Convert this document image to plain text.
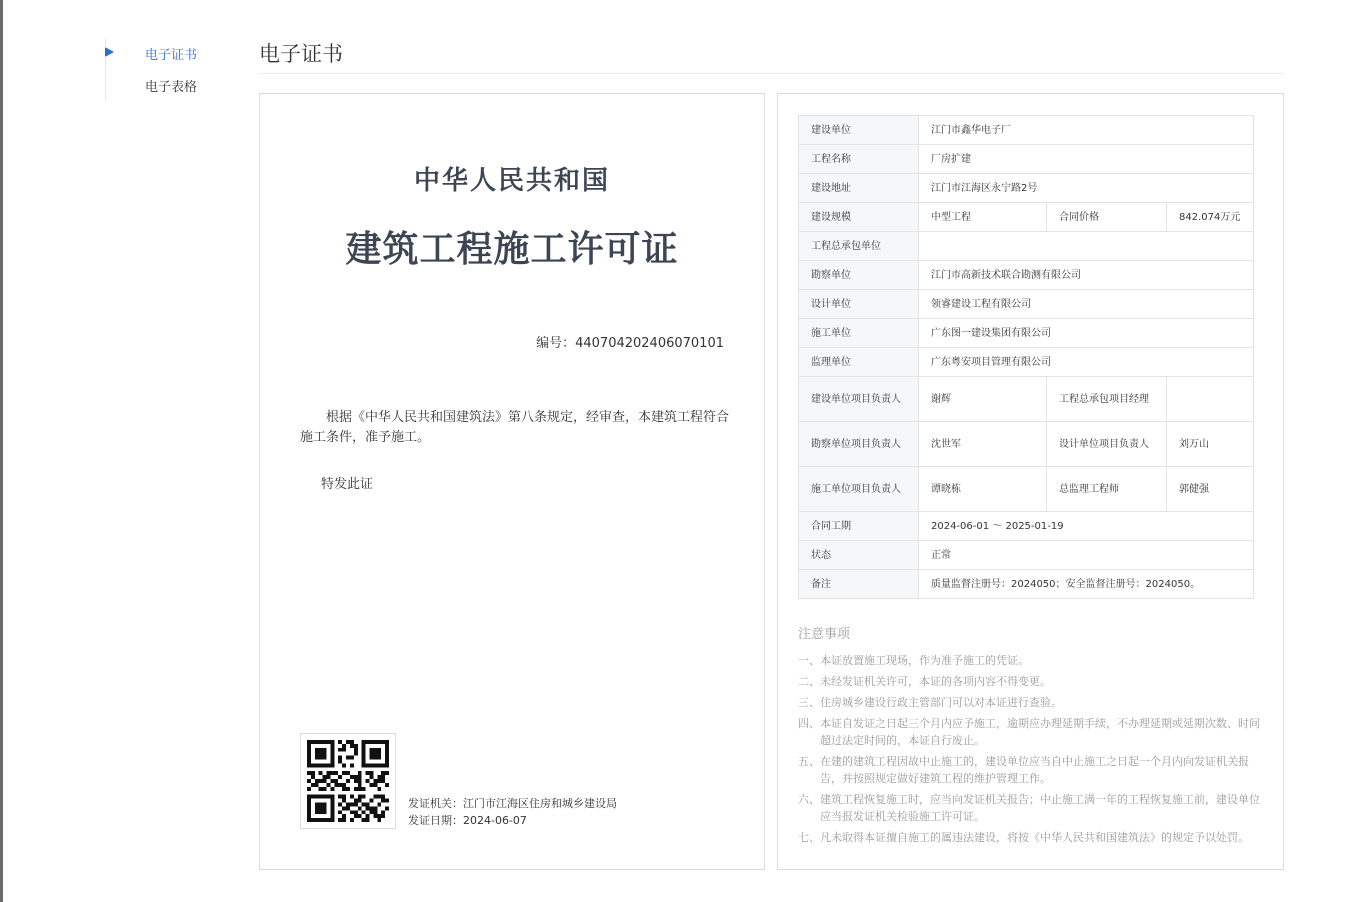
电子证书
电子表格
电子证书
中华人民共和国
建筑工程施工许可证
编号：440704202406070101
根据《中华人民共和国建筑法》第八条规定，经审查，本建筑工程符合施工条件，准予施工。
特发此证
发证机关：江门市江海区住房和城乡建设局
发证日期：2024-06-07
建设单位	江门市鑫华电子厂		
工程名称	厂房扩建		
建设地址	江门市江海区永宁路2号		
建设规模	中型工程	合同价格	842.074万元
工程总承包单位			
勘察单位	江门市高新技术联合勘测有限公司		
设计单位	领睿建设工程有限公司		
施工单位	广东图一建设集团有限公司		
监理单位	广东粤安项目管理有限公司		
建设单位项目负责人	谢辉	工程总承包项目经理	
勘察单位项目负责人	沈世军	设计单位项目负责人	刘万山
施工单位项目负责人	谭晓栋	总监理工程师	郭健强
合同工期	2024-06-01 ～ 2025-01-19		
状态	正常		
备注	质量监督注册号：2024050；安全监督注册号：2024050。		
注意事项
一、 本证放置施工现场，作为准予施工的凭证。
二、 未经发证机关许可，本证的各项内容不得变更。
三、 住房城乡建设行政主管部门可以对本证进行查验。
四、 本证自发证之日起三个月内应予施工，逾期应办理延期手续，不办理延期或延期次数、时间超过法定时间的，本证自行废止。
五、 在建的建筑工程因故中止施工的，建设单位应当自中止施工之日起一个月内向发证机关报告，并按照规定做好建筑工程的维护管理工作。
六、 建筑工程恢复施工时，应当向发证机关报告；中止施工满一年的工程恢复施工前，建设单位应当报发证机关检验施工许可证。
七、 凡未取得本证擅自施工的属违法建设，将按《中华人民共和国建筑法》的规定予以处罚。
